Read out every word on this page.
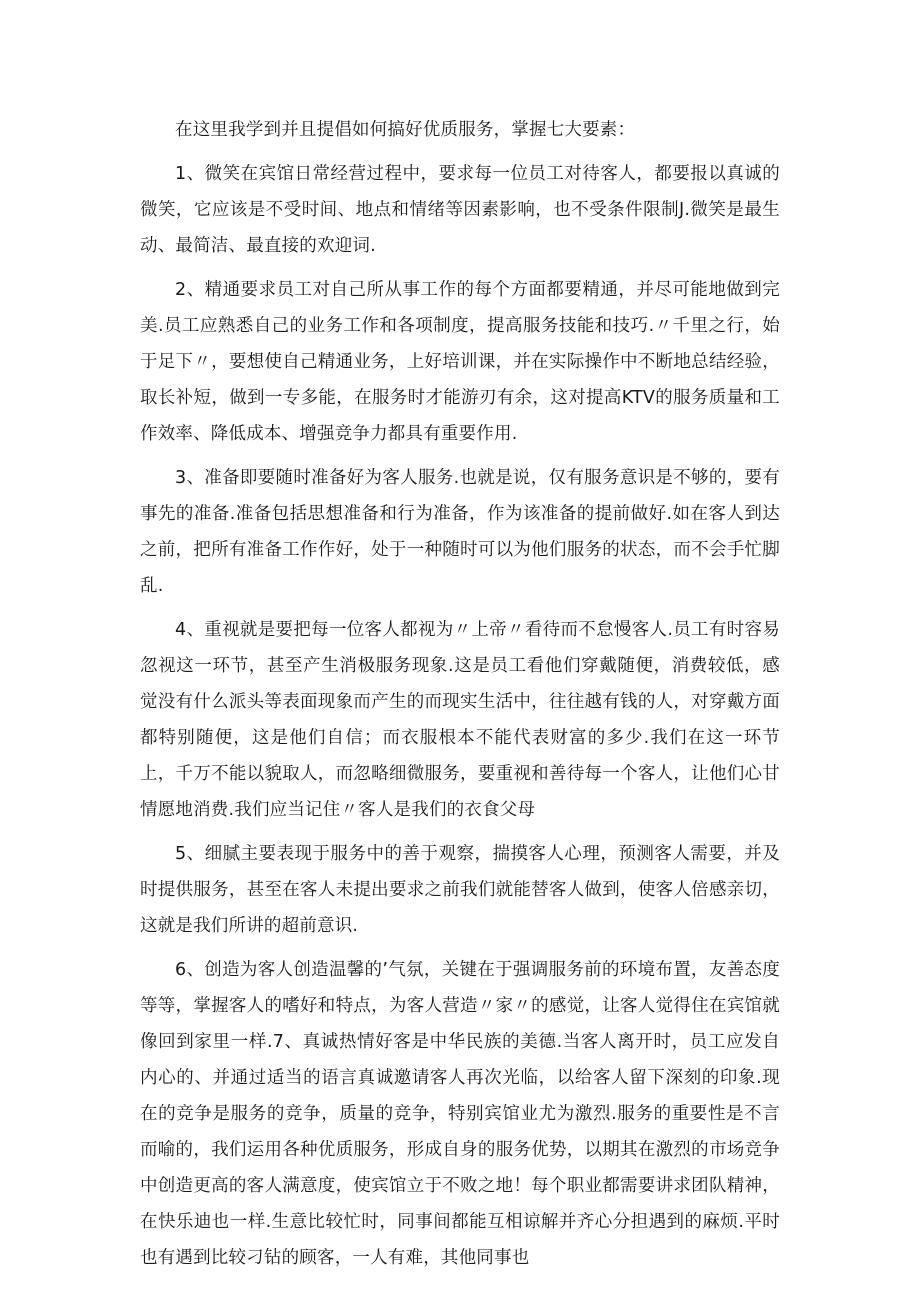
在这里我学到并且提倡如何搞好优质服务，掌握七大要素：

1、微笑在宾馆日常经营过程中，要求每一位员工对待客人，都要报以真诚的微笑，它应该是不受时间、地点和情绪等因素影响，也不受条件限制J.微笑是最生动、最简洁、最直接的欢迎词.

2、精通要求员工对自己所从事工作的每个方面都要精通，并尽可能地做到完美.员工应熟悉自己的业务工作和各项制度，提高服务技能和技巧.〃千里之行，始于足下〃，要想使自己精通业务，上好培训课，并在实际操作中不断地总结经验，取长补短，做到一专多能，在服务时才能游刃有余，这对提高KTV的服务质量和工作效率、降低成本、增强竞争力都具有重要作用.

3、准备即要随时准备好为客人服务.也就是说，仅有服务意识是不够的，要有事先的准备.准备包括思想准备和行为准备，作为该准备的提前做好.如在客人到达之前，把所有准备工作作好，处于一种随时可以为他们服务的状态，而不会手忙脚乱.

4、重视就是要把每一位客人都视为〃上帝〃看待而不怠慢客人.员工有时容易忽视这一环节，甚至产生消极服务现象.这是员工看他们穿戴随便，消费较低，感觉没有什么派头等表面现象而产生的而现实生活中，往往越有钱的人，对穿戴方面都特别随便，这是他们自信；而衣服根本不能代表财富的多少.我们在这一环节上，千万不能以貌取人，而忽略细微服务，要重视和善待每一个客人，让他们心甘情愿地消费.我们应当记住〃客人是我们的衣食父母

5、细腻主要表现于服务中的善于观察，揣摸客人心理，预测客人需要，并及时提供服务，甚至在客人未提出要求之前我们就能替客人做到，使客人倍感亲切，这就是我们所讲的超前意识.

6、创造为客人创造温馨的’气氛，关键在于强调服务前的环境布置，友善态度等等，掌握客人的嗜好和特点，为客人营造〃家〃的感觉，让客人觉得住在宾馆就像回到家里一样.7、真诚热情好客是中华民族的美德.当客人离开时，员工应发自内心的、并通过适当的语言真诚邀请客人再次光临，以给客人留下深刻的印象.现在的竞争是服务的竞争，质量的竞争，特别宾馆业尤为激烈.服务的重要性是不言而喻的，我们运用各种优质服务，形成自身的服务优势，以期其在激烈的市场竞争中创造更高的客人满意度，使宾馆立于不败之地！每个职业都需要讲求团队精神，在快乐迪也一样.生意比较忙时，同事间都能互相谅解并齐心分担遇到的麻烦.平时也有遇到比较刁钻的顾客，一人有难，其他同事也
